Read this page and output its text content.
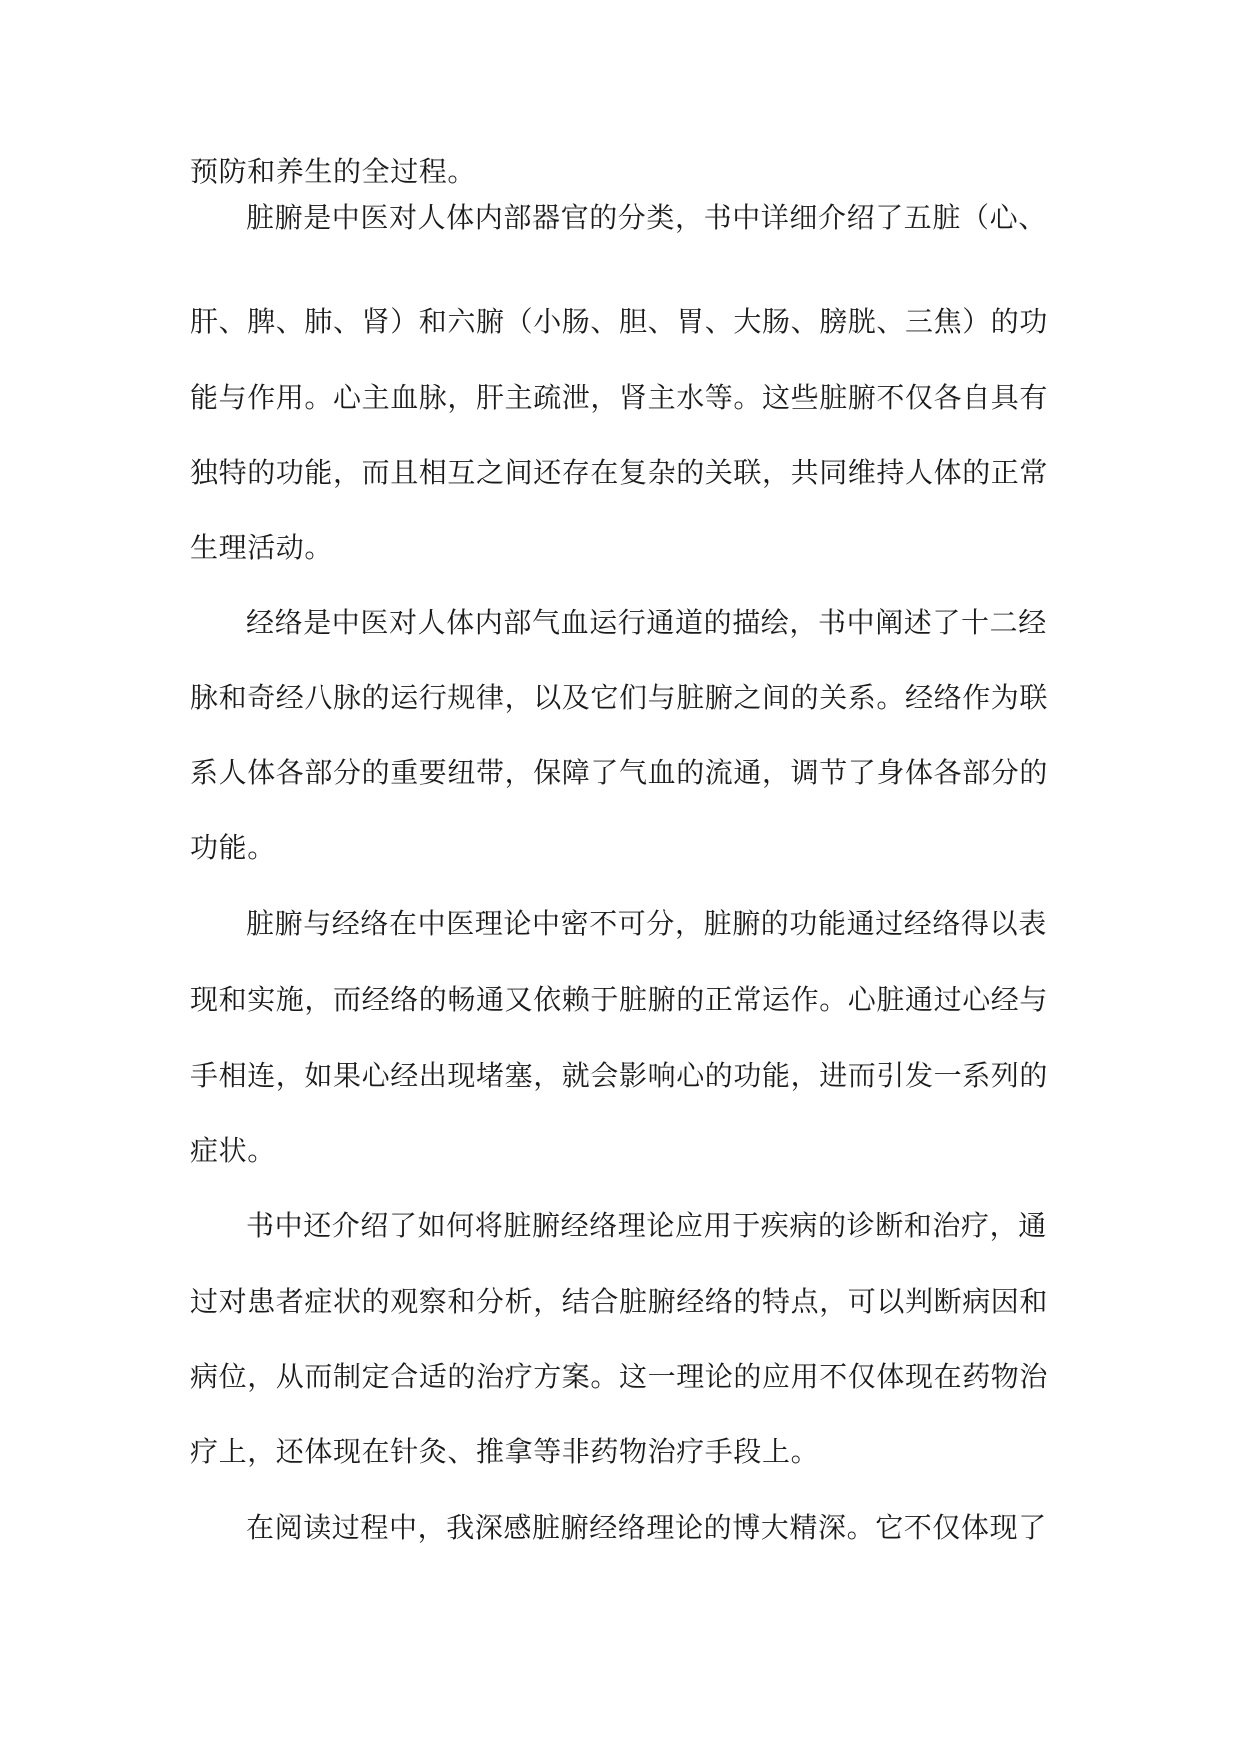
预防和养生的全过程。
脏腑是中医对人体内部器官的分类，书中详细介绍了五脏（心、
肝、脾、肺、肾）和六腑（小肠、胆、胃、大肠、膀胱、三焦）的功
能与作用。心主血脉，肝主疏泄，肾主水等。这些脏腑不仅各自具有
独特的功能，而且相互之间还存在复杂的关联，共同维持人体的正常
生理活动。
经络是中医对人体内部气血运行通道的描绘，书中阐述了十二经
脉和奇经八脉的运行规律，以及它们与脏腑之间的关系。经络作为联
系人体各部分的重要纽带，保障了气血的流通，调节了身体各部分的
功能。
脏腑与经络在中医理论中密不可分，脏腑的功能通过经络得以表
现和实施，而经络的畅通又依赖于脏腑的正常运作。心脏通过心经与
手相连，如果心经出现堵塞，就会影响心的功能，进而引发一系列的
症状。
书中还介绍了如何将脏腑经络理论应用于疾病的诊断和治疗，通
过对患者症状的观察和分析，结合脏腑经络的特点，可以判断病因和
病位，从而制定合适的治疗方案。这一理论的应用不仅体现在药物治
疗上，还体现在针灸、推拿等非药物治疗手段上。
在阅读过程中，我深感脏腑经络理论的博大精深。它不仅体现了
